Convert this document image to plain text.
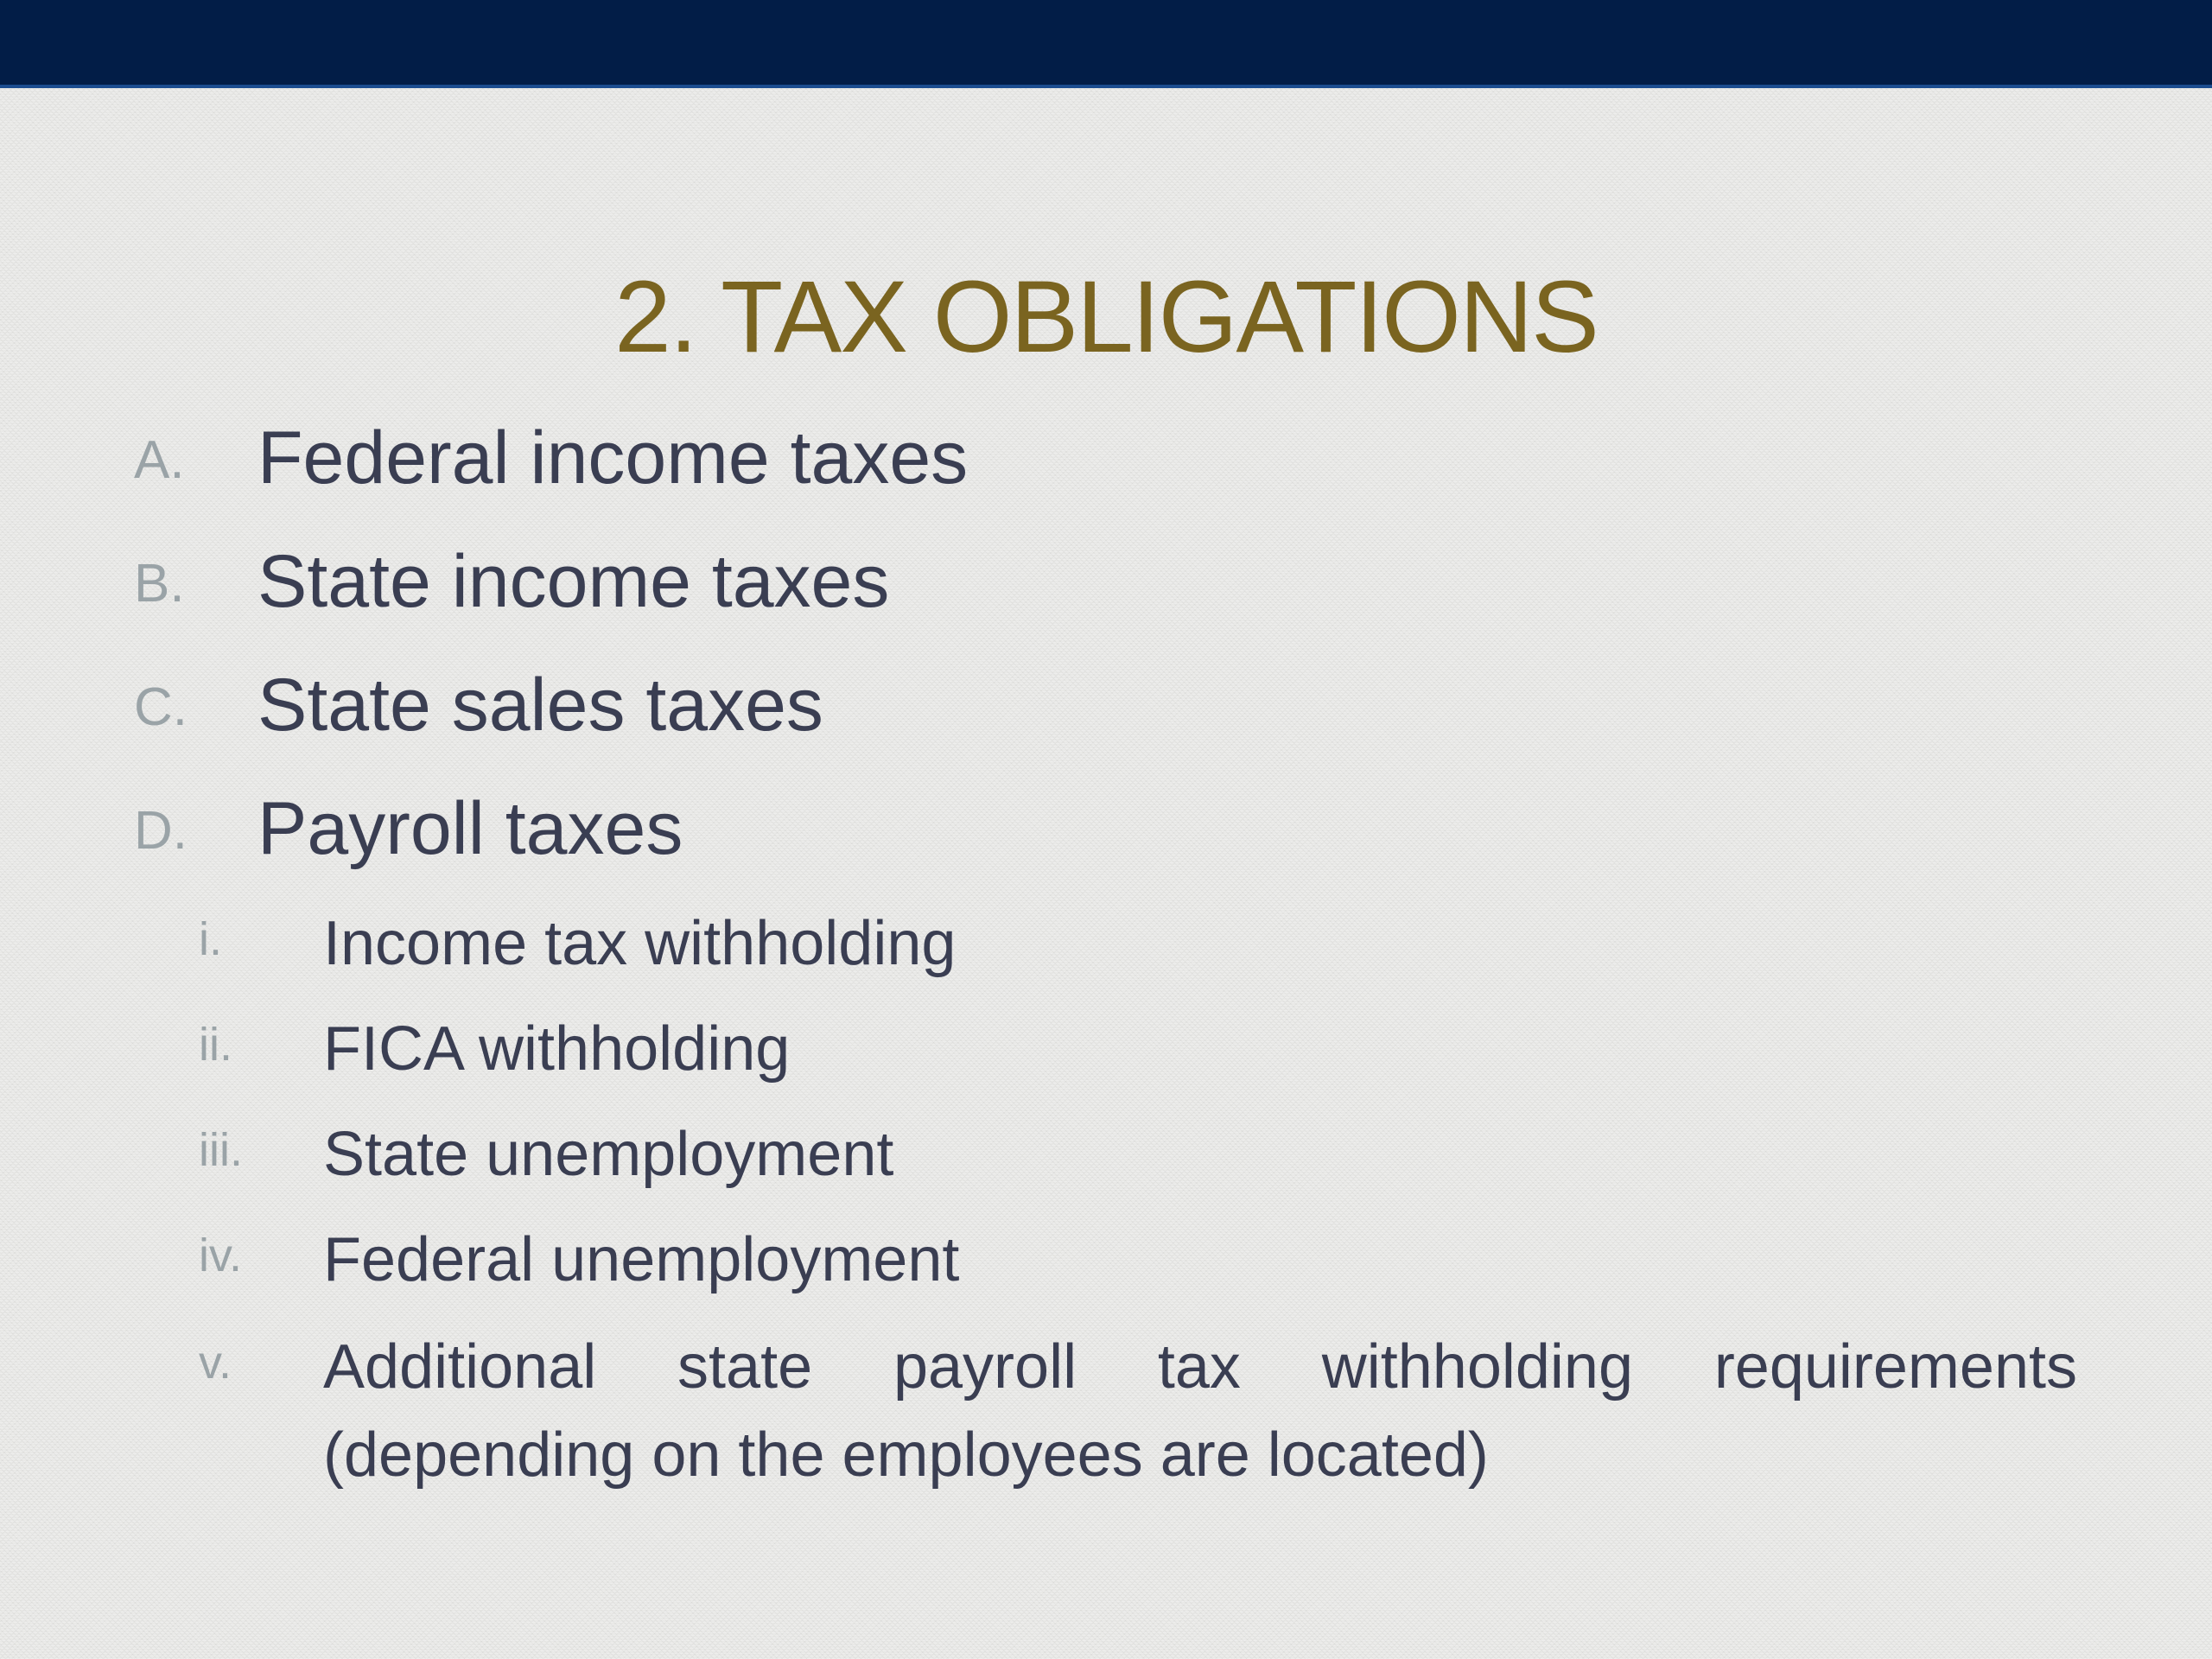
2. TAX OBLIGATIONS
A. Federal income taxes
B. State income taxes
C. State sales taxes
D. Payroll taxes
i. Income tax withholding
ii. FICA withholding
iii. State unemployment
iv. Federal unemployment
v. Additional state payroll tax withholding requirements (depending on the employees are located)
